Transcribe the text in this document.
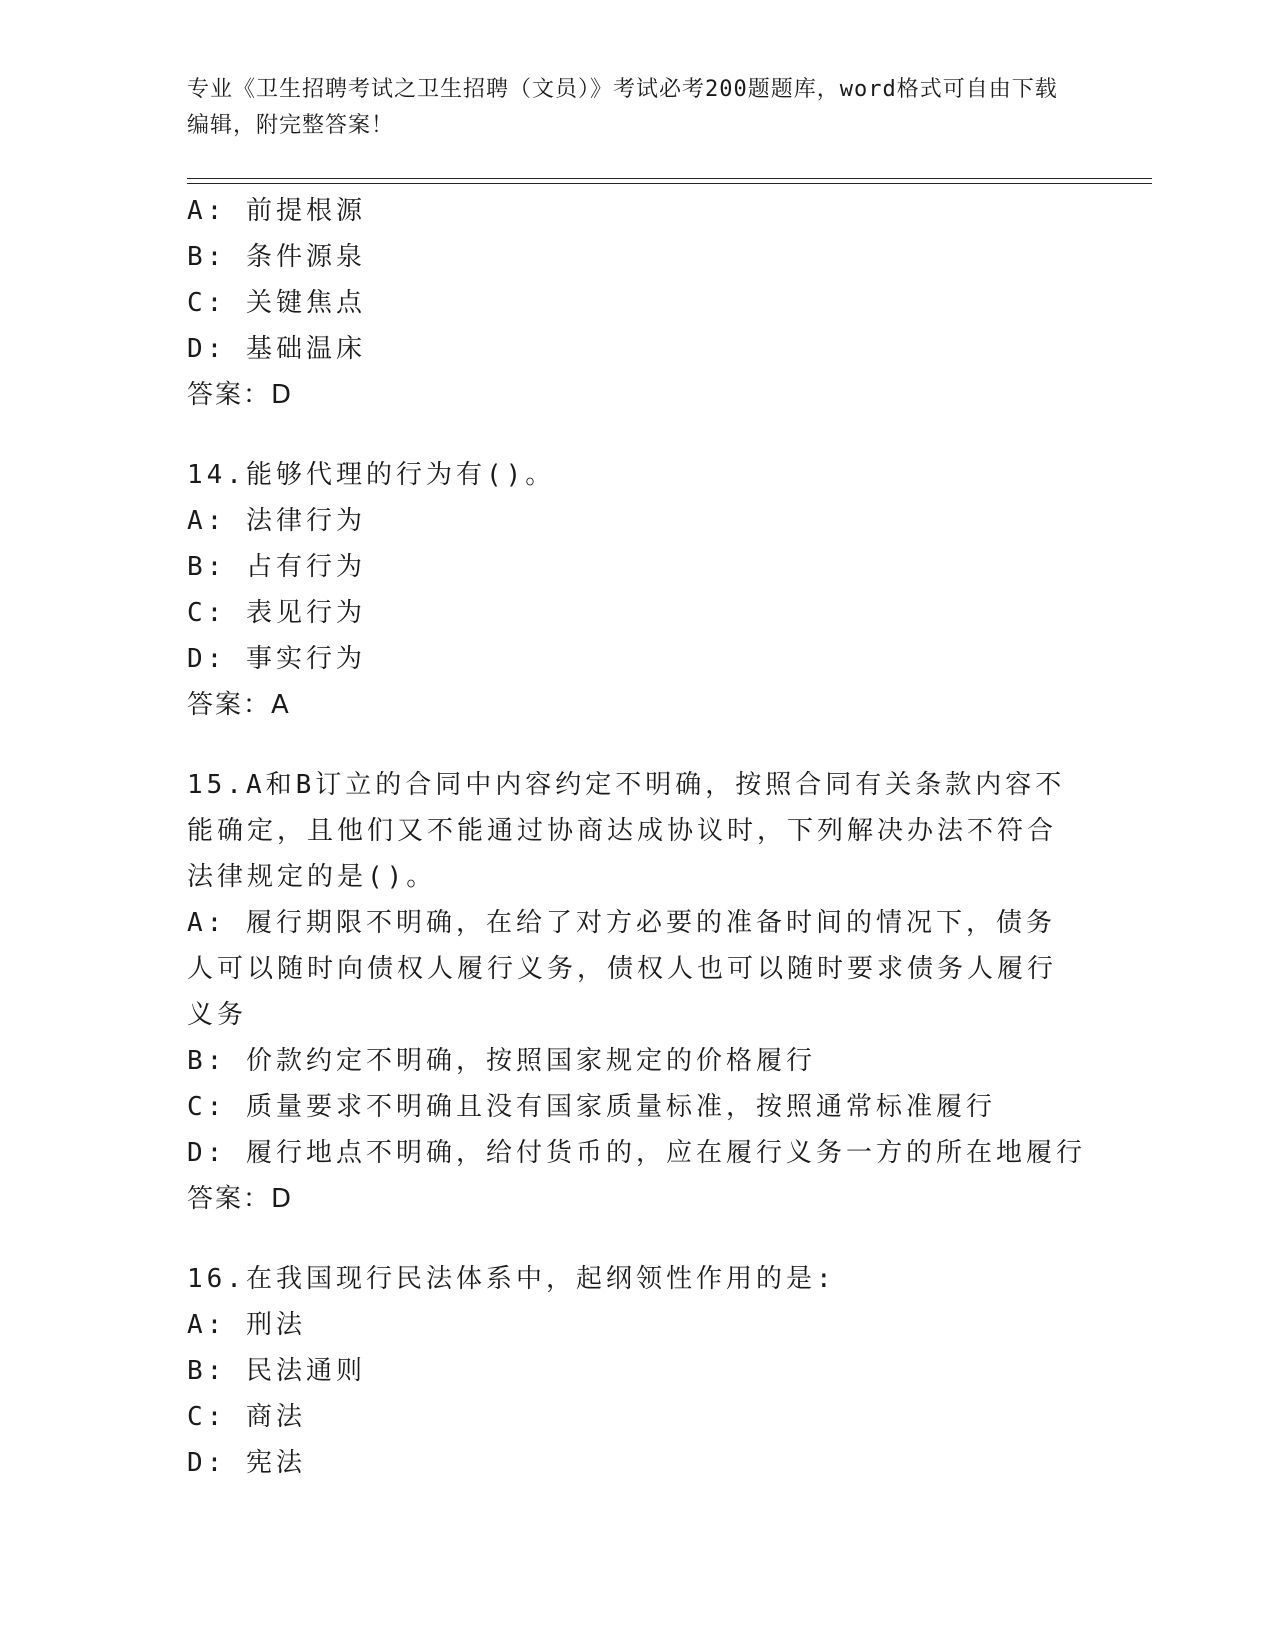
专业《卫生招聘考试之卫生招聘（文员）》考试必考200题题库，word格式可自由下载编辑，附完整答案！
A: 前提根源
B: 条件源泉
C: 关键焦点
D: 基础温床
答案：D
14.能够代理的行为有()。
A: 法律行为
B: 占有行为
C: 表见行为
D: 事实行为
答案：A
15.A和B订立的合同中内容约定不明确，按照合同有关条款内容不能确定，且他们又不能通过协商达成协议时，下列解决办法不符合法律规定的是()。
A: 履行期限不明确，在给了对方必要的准备时间的情况下，债务人可以随时向债权人履行义务，债权人也可以随时要求债务人履行义务
B: 价款约定不明确，按照国家规定的价格履行
C: 质量要求不明确且没有国家质量标准，按照通常标准履行
D: 履行地点不明确，给付货币的，应在履行义务一方的所在地履行
答案：D
16.在我国现行民法体系中，起纲领性作用的是:
A: 刑法
B: 民法通则
C: 商法
D: 宪法
